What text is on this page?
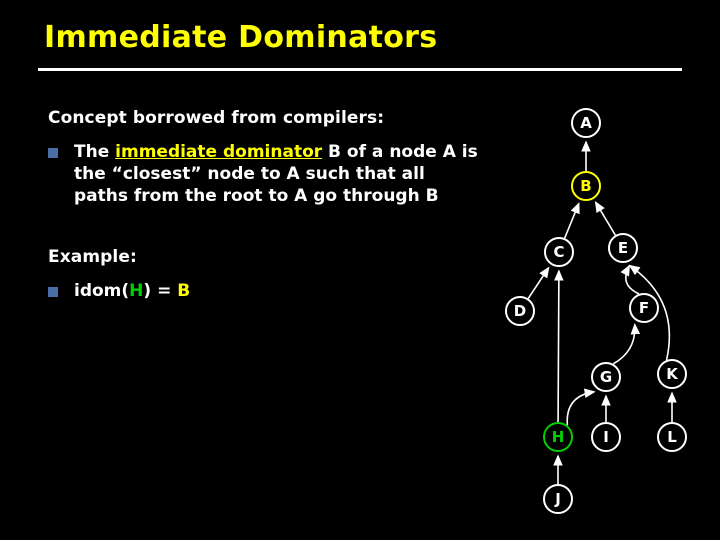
Immediate Dominators

Concept borrowed from compilers:

The immediate dominator B of a node A is the “closest” node to A such that all paths from the root to A go through B

Example:

idom(H) = B
A
B
C	E
D	F
G	K
H	I	L
J
